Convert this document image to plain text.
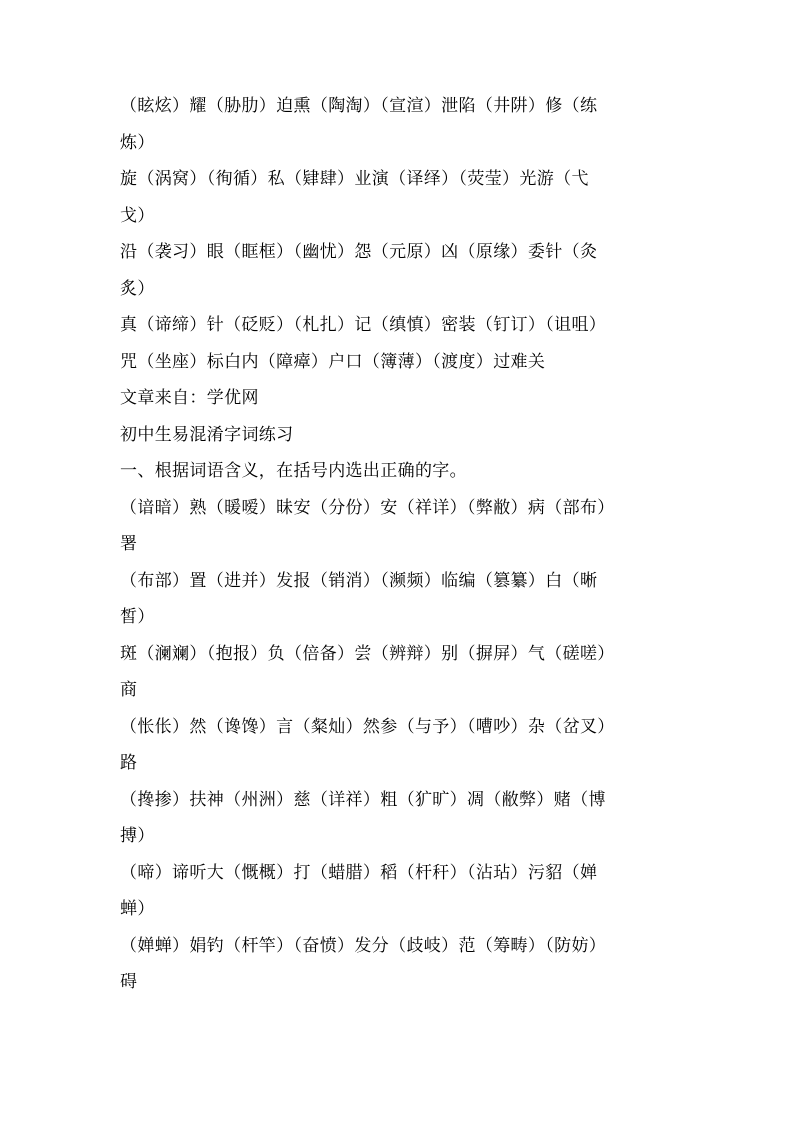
（眩炫）耀（胁肋）迫熏（陶淘）（宣渲）泄陷（井阱）修（练
炼）
旋（涡窝）（徇循）私（肄肆）业演（译绎）（荧莹）光游（弋
戈）
沿（袭习）眼（眶框）（幽忧）怨（元原）凶（原缘）委针（灸
炙）
真（谛缔）针（砭贬）（札扎）记（缜慎）密装（钉订）（诅咀）
咒（坐座）标白内（障瘴）户口（簿薄）（渡度）过难关
文章来自：学优网
初中生易混淆字词练习
一、根据词语含义，在括号内选出正确的字。
（谙暗）熟（暖嗳）昧安（分份）安（祥详）（弊敝）病（部布）
署
（布部）置（进并）发报（销消）（濒频）临编（篡纂）白（晰
皙）
斑（澜斓）（抱报）负（倍备）尝（辨辩）别（摒屏）气（磋嗟）
商
（怅伥）然（谗馋）言（粲灿）然参（与予）（嘈吵）杂（岔叉）
路
（搀掺）扶神（州洲）慈（详祥）粗（犷旷）凋（敝弊）赌（博
搏）
（啼）谛听大（慨概）打（蜡腊）稻（杆秆）（沾玷）污貂（婵
蝉）
（婵蝉）娟钓（杆竿）（奋愤）发分（歧岐）范（筹畴）（防妨）
碍
